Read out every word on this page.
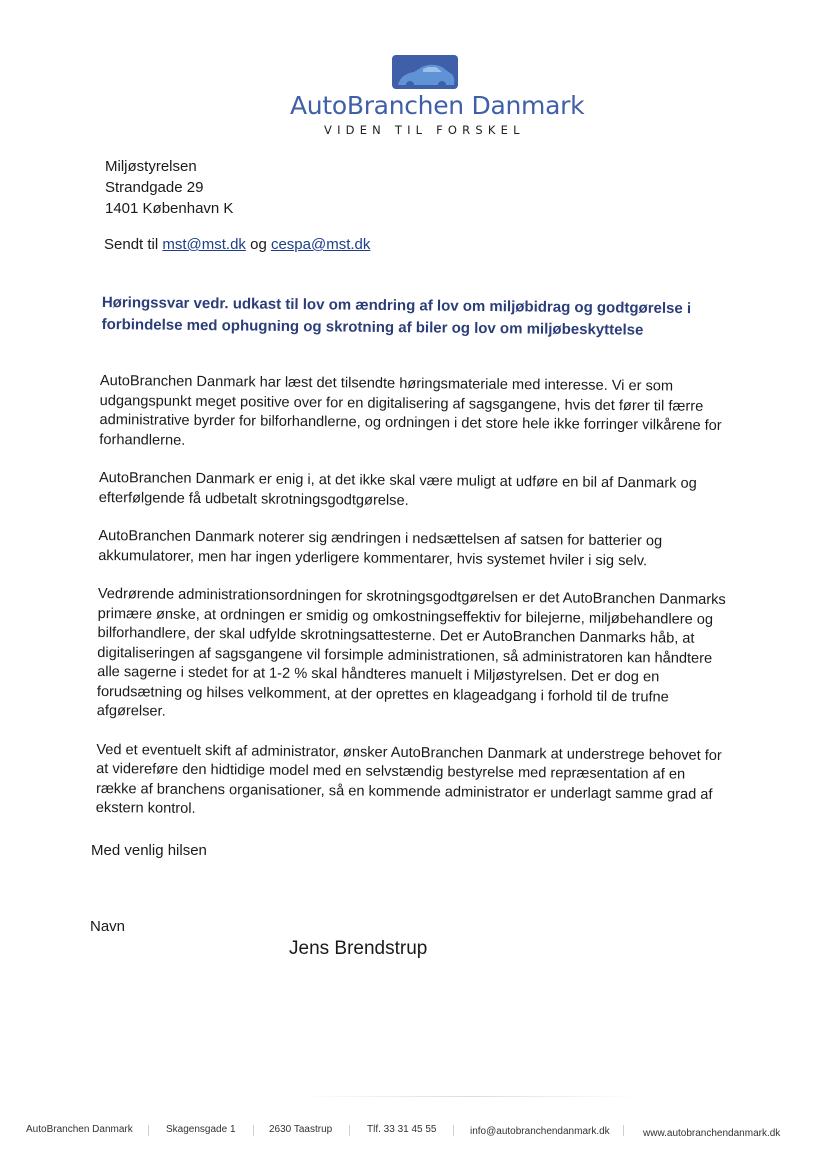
AutoBranchen Danmark
VIDEN TIL FORSKEL
Miljøstyrelsen
Strandgade 29
1401 København K
Sendt til mst@mst.dk og cespa@mst.dk
Høringssvar vedr. udkast til lov om ændring af lov om miljøbidrag og godtgørelse i forbindelse med ophugning og skrotning af biler og lov om miljøbeskyttelse

AutoBranchen Danmark har læst det tilsendte høringsmateriale med interesse. Vi er som udgangspunkt meget positive over for en digitalisering af sagsgangene, hvis det fører til færre administrative byrder for bilforhandlerne, og ordningen i det store hele ikke forringer vilkårene for forhandlerne.

AutoBranchen Danmark er enig i, at det ikke skal være muligt at udføre en bil af Danmark og efterfølgende få udbetalt skrotningsgodtgørelse.

AutoBranchen Danmark noterer sig ændringen i nedsættelsen af satsen for batterier og akkumulatorer, men har ingen yderligere kommentarer, hvis systemet hviler i sig selv.

Vedrørende administrationsordningen for skrotningsgodtgørelsen er det AutoBranchen Danmarks primære ønske, at ordningen er smidig og omkostningseffektiv for bilejerne, miljøbehandlere og bilforhandlere, der skal udfylde skrotningsattesterne. Det er AutoBranchen Danmarks håb, at digitaliseringen af sagsgangene vil forsimple administrationen, så administratoren kan håndtere alle sagerne i stedet for at 1-2 % skal håndteres manuelt i Miljøstyrelsen. Det er dog en forudsætning og hilses velkomment, at der oprettes en klageadgang i forhold til de trufne afgørelser.

Ved et eventuelt skift af administrator, ønsker AutoBranchen Danmark at understrege behovet for at videreføre den hidtidige model med en selvstændig bestyrelse med repræsentation af en række af branchens organisationer, så en kommende administrator er underlagt samme grad af ekstern kontrol.

Med venlig hilsen
Navn
Jens Brendstrup
AutoBranchen Danmark	Skagensgade 1	2630 Taastrup	Tlf. 33 31 45 55	info@autobranchendanmark.dk	www.autobranchendanmark.dk
